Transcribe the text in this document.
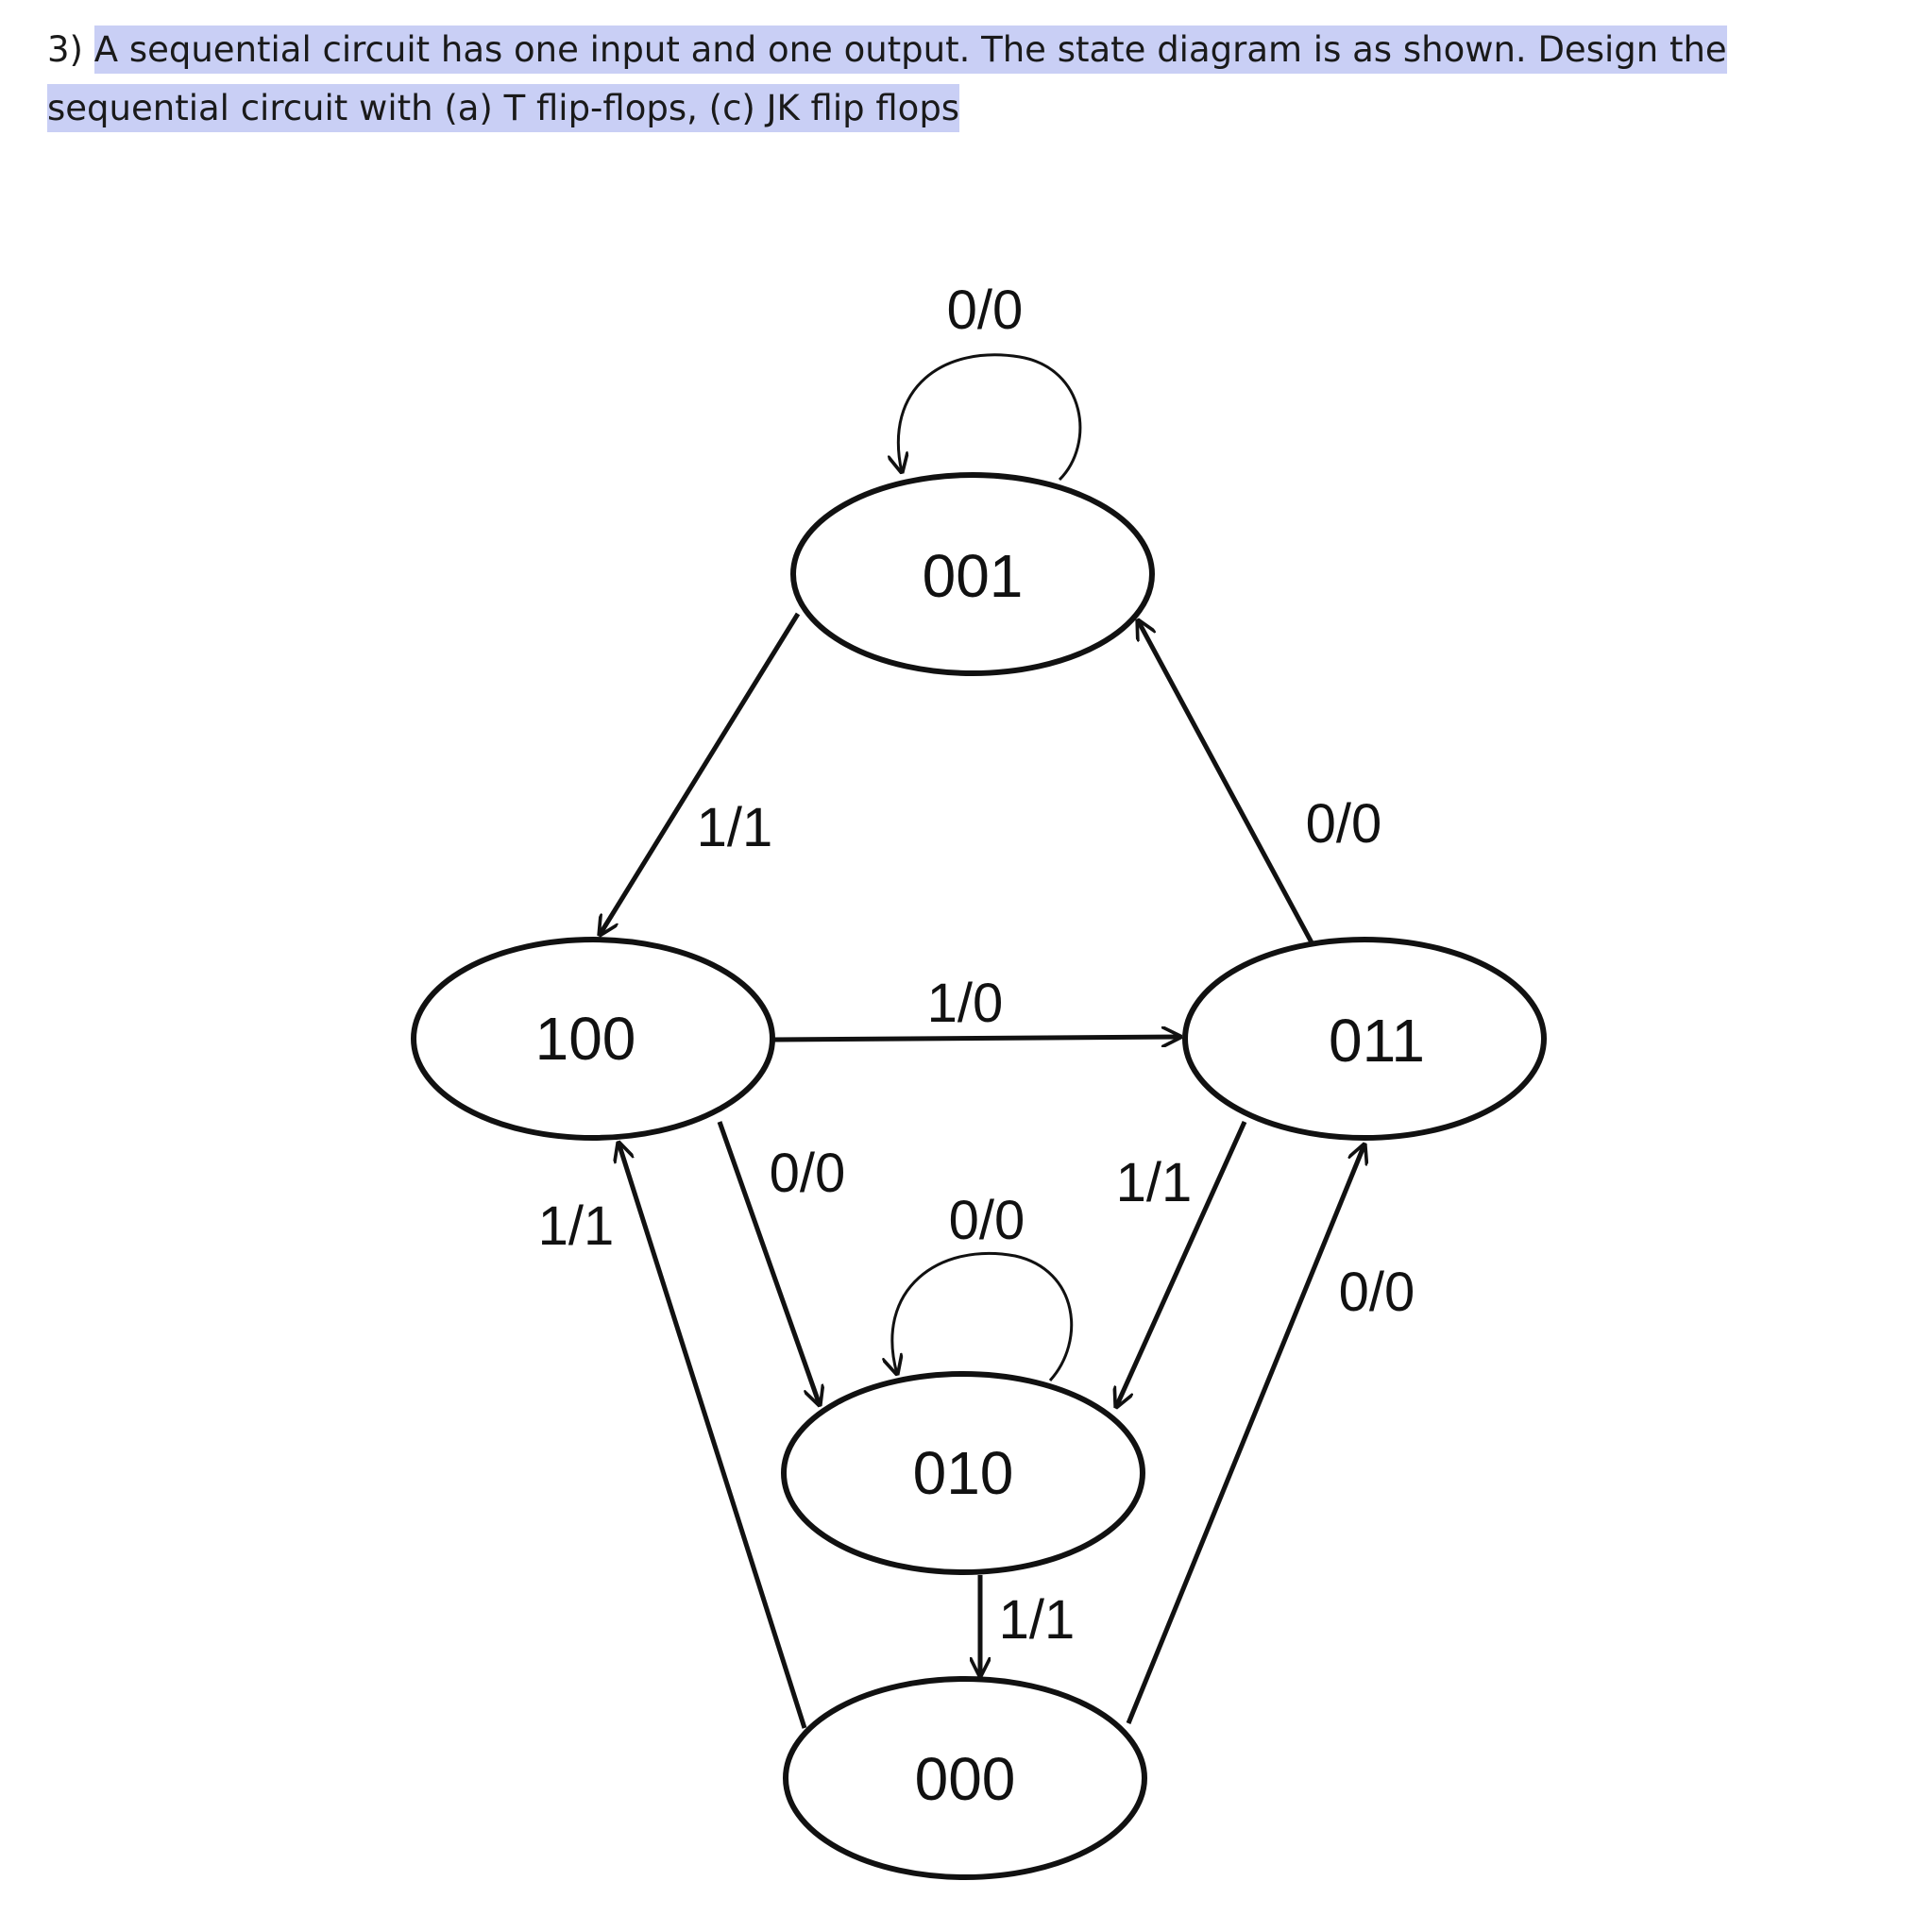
3) A sequential circuit has one input and one output. The state diagram is as shown. Design the sequential circuit with (a) T flip-flops, (c) JK flip flops
001
100	011
010
000
0/0
1/1	0/0
1/0
0/0
0/0
1/1
1/1
0/0
1/1
